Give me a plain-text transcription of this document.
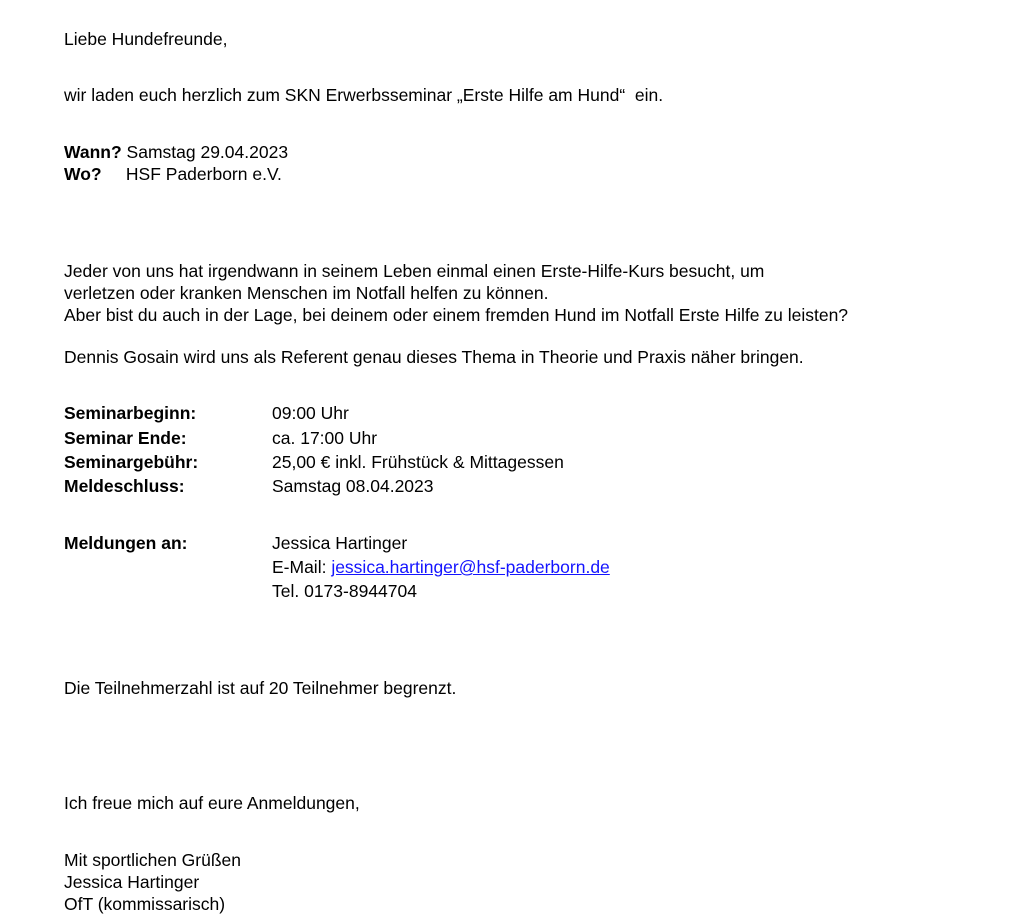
Liebe Hundefreunde,
wir laden euch herzlich zum SKN Erwerbsseminar „Erste Hilfe am Hund“  ein.
Wann? Samstag 29.04.2023
Wo? HSF Paderborn e.V.
Jeder von uns hat irgendwann in seinem Leben einmal einen Erste-Hilfe-Kurs besucht, um
verletzen oder kranken Menschen im Notfall helfen zu können.
Aber bist du auch in der Lage, bei deinem oder einem fremden Hund im Notfall Erste Hilfe zu leisten?
Dennis Gosain wird uns als Referent genau dieses Thema in Theorie und Praxis näher bringen.
Seminarbeginn:	09:00 Uhr
Seminar Ende:	ca. 17:00 Uhr
Seminargebühr:	25,00 € inkl. Frühstück & Mittagessen
Meldeschluss:	Samstag 08.04.2023
Meldungen an:	Jessica Hartinger
E-Mail: jessica.hartinger@hsf-paderborn.de
Tel. 0173-8944704
Die Teilnehmerzahl ist auf 20 Teilnehmer begrenzt.
Ich freue mich auf eure Anmeldungen,
Mit sportlichen Grüßen
Jessica Hartinger
OfT (kommissarisch)
